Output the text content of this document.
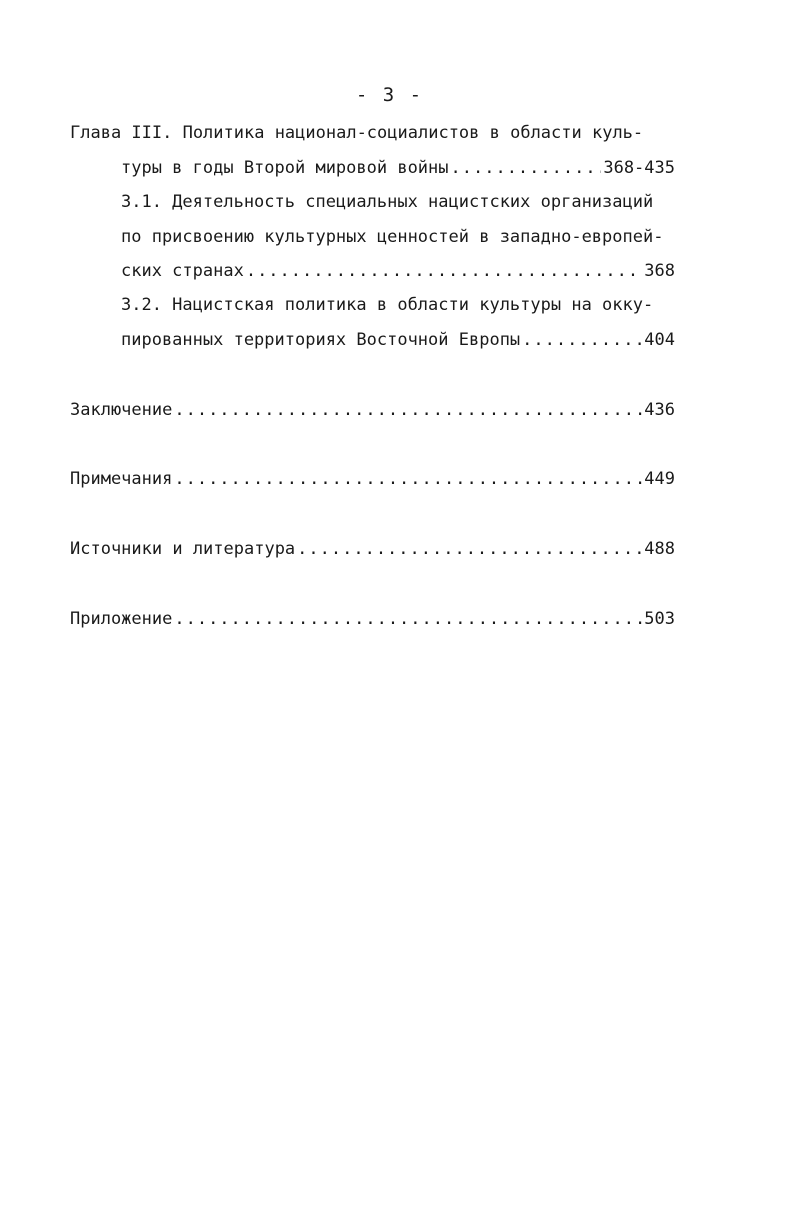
- 3 -
Глава III. Политика национал-социалистов в области куль-
туры в годы Второй мировой войны .....	368-435
3.1. Деятельность специальных нацистских организаций
по присвоению культурных ценностей в западно-европей-
ских странах .....	368
3.2. Нацистская политика в области культуры на окку-
пированных территориях Восточной Европы .....	404
Заключение .....	436
Примечания .....	449
Источники и литература .....	488
Приложение .....	503
